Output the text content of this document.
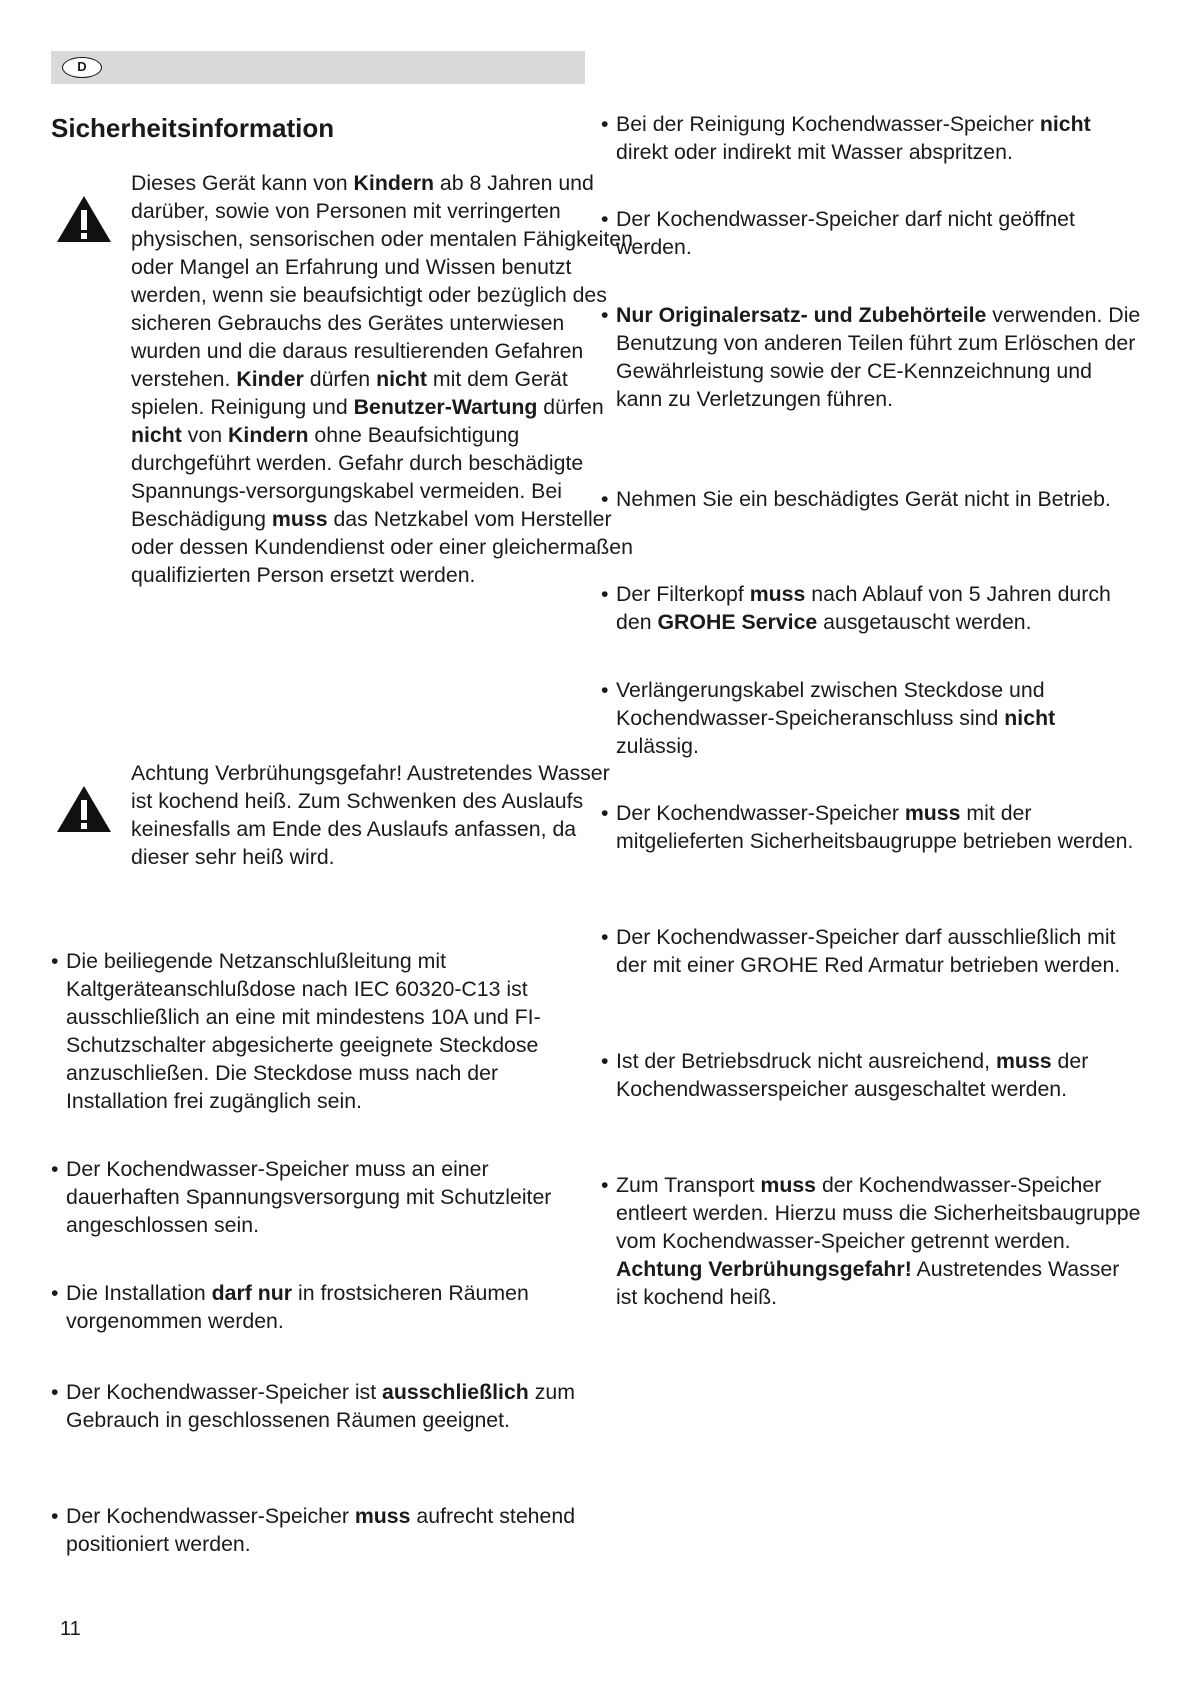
D
Sicherheitsinformation
Dieses Gerät kann von Kindern ab 8 Jahren und darüber, sowie von Personen mit verringerten physischen, sensorischen oder mentalen Fähigkeiten oder Mangel an Erfahrung und Wissen benutzt werden, wenn sie beaufsichtigt oder bezüglich des sicheren Gebrauchs des Gerätes unterwiesen wurden und die daraus resultierenden Gefahren verstehen. Kinder dürfen nicht mit dem Gerät spielen. Reinigung und Benutzer-Wartung dürfen nicht von Kindern ohne Beaufsichtigung durchgeführt werden. Gefahr durch beschädigte Spannungs-versorgungskabel vermeiden. Bei Beschädigung muss das Netzkabel vom Hersteller oder dessen Kundendienst oder einer gleichermaßen qualifizierten Person ersetzt werden.
Achtung Verbrühungsgefahr! Austretendes Wasser ist kochend heiß. Zum Schwenken des Auslaufs keinesfalls am Ende des Auslaufs anfassen, da dieser sehr heiß wird.
• Die beiliegende Netzanschlußleitung mit Kaltgeräteanschlußdose nach IEC 60320-C13 ist ausschließlich an eine mit mindestens 10A und FI-Schutzschalter abgesicherte geeignete Steckdose anzuschließen. Die Steckdose muss nach der Installation frei zugänglich sein.
• Der Kochendwasser-Speicher muss an einer dauerhaften Spannungsversorgung mit Schutzleiter angeschlossen sein.
• Die Installation darf nur in frostsicheren Räumen vorgenommen werden.
• Der Kochendwasser-Speicher ist ausschließlich zum Gebrauch in geschlossenen Räumen geeignet.
• Der Kochendwasser-Speicher muss aufrecht stehend positioniert werden.
• Bei der Reinigung Kochendwasser-Speicher nicht direkt oder indirekt mit Wasser abspritzen.
• Der Kochendwasser-Speicher darf nicht geöffnet werden.
• Nur Originalersatz- und Zubehörteile verwenden. Die Benutzung von anderen Teilen führt zum Erlöschen der Gewährleistung sowie der CE-Kennzeichnung und kann zu Verletzungen führen.
• Nehmen Sie ein beschädigtes Gerät nicht in Betrieb.
• Der Filterkopf muss nach Ablauf von 5 Jahren durch den GROHE Service ausgetauscht werden.
• Verlängerungskabel zwischen Steckdose und Kochendwasser-Speicheranschluss sind nicht zulässig.
• Der Kochendwasser-Speicher muss mit der mitgelieferten Sicherheitsbaugruppe betrieben werden.
• Der Kochendwasser-Speicher darf ausschließlich mit der mit einer GROHE Red Armatur betrieben werden.
• Ist der Betriebsdruck nicht ausreichend, muss der Kochendwasserspeicher ausgeschaltet werden.
• Zum Transport muss der Kochendwasser-Speicher entleert werden. Hierzu muss die Sicherheitsbaugruppe vom Kochendwasser-Speicher getrennt werden. Achtung Verbrühungsgefahr! Austretendes Wasser ist kochend heiß.
11
